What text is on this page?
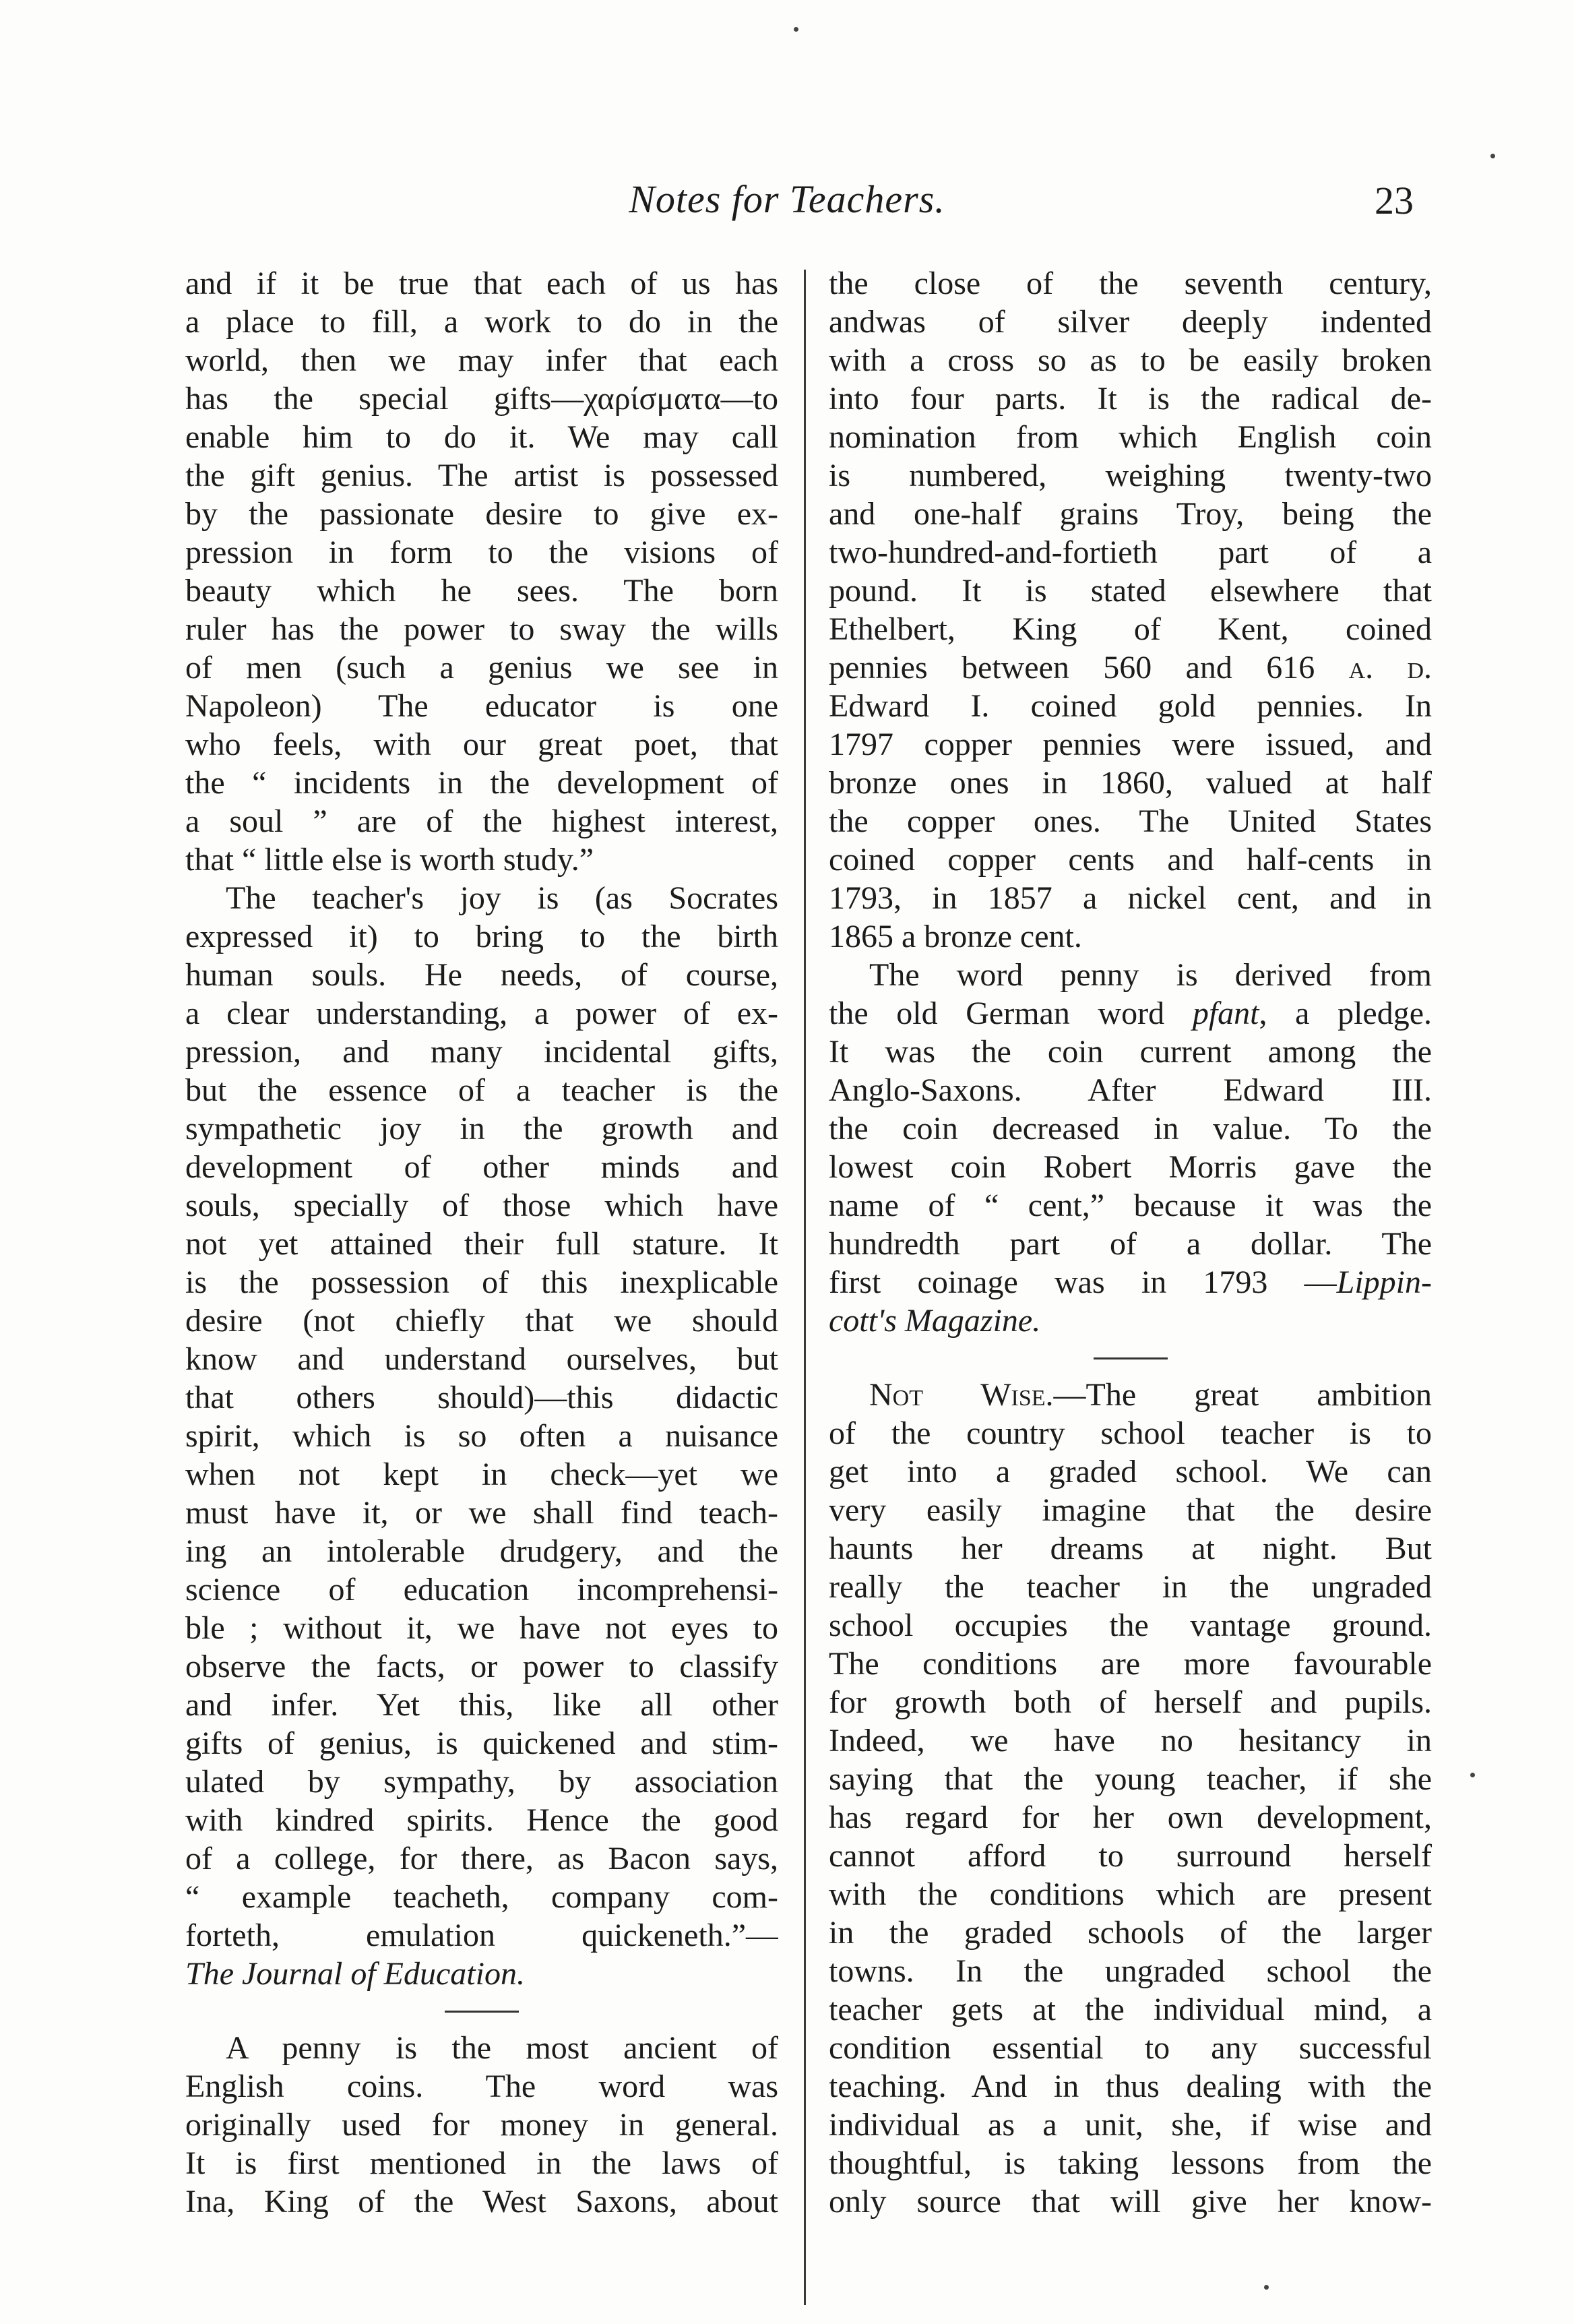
Notes for Teachers.	23
and if it be true that each of us has
a place to fill, a work to do in the
world, then we may infer that each
has the special gifts—χαρίσματα—to
enable him to do it. We may call
the gift genius. The artist is possessed
by the passionate desire to give ex-
pression in form to the visions of
beauty which he sees. The born
ruler has the power to sway the wills
of men (such a genius we see in
Napoleon) The educator is one
who feels, with our great poet, that
the “ incidents in the development of
a soul ” are of the highest interest,
that “ little else is worth study.”
The teacher's joy is (as Socrates
expressed it) to bring to the birth
human souls. He needs, of course,
a clear understanding, a power of ex-
pression, and many incidental gifts,
but the essence of a teacher is the
sympathetic joy in the growth and
development of other minds and
souls, specially of those which have
not yet attained their full stature. It
is the possession of this inexplicable
desire (not chiefly that we should
know and understand ourselves, but
that others should)—this didactic
spirit, which is so often a nuisance
when not kept in check—yet we
must have it, or we shall find teach-
ing an intolerable drudgery, and the
science of education incomprehensi-
ble ; without it, we have not eyes to
observe the facts, or power to classify
and infer. Yet this, like all other
gifts of genius, is quickened and stim-
ulated by sympathy, by association
with kindred spirits. Hence the good
of a college, for there, as Bacon says,
“ example teacheth, company com-
forteth, emulation quickeneth.”—
The Journal of Education.
A penny is the most ancient of
English coins. The word was
originally used for money in general.
It is first mentioned in the laws of
Ina, King of the West Saxons, about
the close of the seventh century,
andwas of silver deeply indented
with a cross so as to be easily broken
into four parts. It is the radical de-
nomination from which English coin
is numbered, weighing twenty-two
and one-half grains Troy, being the
two-hundred-and-fortieth part of a
pound. It is stated elsewhere that
Ethelbert, King of Kent, coined
pennies between 560 and 616 a. d.
Edward I. coined gold pennies. In
1797 copper pennies were issued, and
bronze ones in 1860, valued at half
the copper ones. The United States
coined copper cents and half-cents in
1793, in 1857 a nickel cent, and in
1865 a bronze cent.
The word penny is derived from
the old German word pfant, a pledge.
It was the coin current among the
Anglo-Saxons. After Edward III.
the coin decreased in value. To the
lowest coin Robert Morris gave the
name of “ cent,” because it was the
hundredth part of a dollar. The
first coinage was in 1793 —Lippin-
cott's Magazine.
Not Wise.—The great ambition
of the country school teacher is to
get into a graded school. We can
very easily imagine that the desire
haunts her dreams at night. But
really the teacher in the ungraded
school occupies the vantage ground.
The conditions are more favourable
for growth both of herself and pupils.
Indeed, we have no hesitancy in
saying that the young teacher, if she
has regard for her own development,
cannot afford to surround herself
with the conditions which are present
in the graded schools of the larger
towns. In the ungraded school the
teacher gets at the individual mind, a
condition essential to any successful
teaching. And in thus dealing with the
individual as a unit, she, if wise and
thoughtful, is taking lessons from the
only source that will give her know-
